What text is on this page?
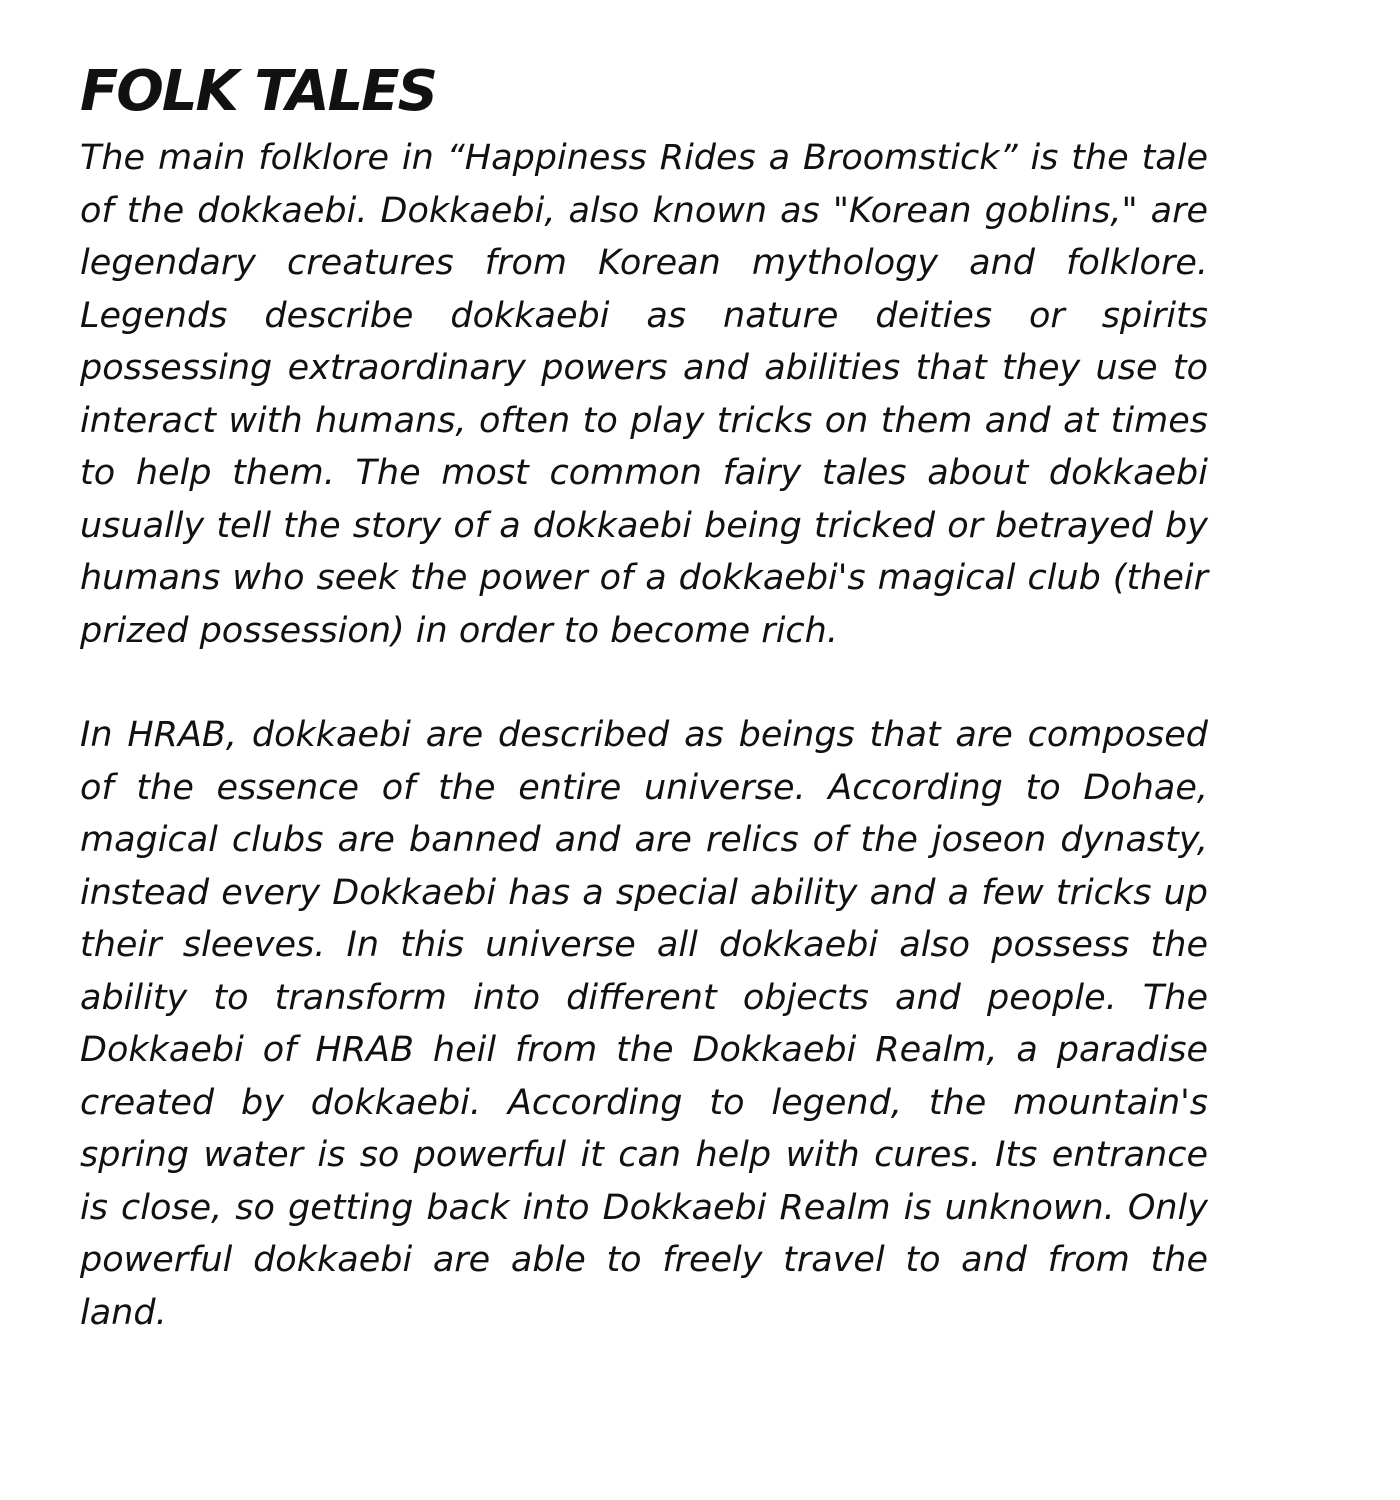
FOLK TALES

The main folklore in “Happiness Rides a Broomstick” is the tale of the dokkaebi. Dokkaebi, also known as "Korean goblins," are legendary creatures from Korean mythology and folklore. Legends describe dokkaebi as nature deities or spirits possessing extraordinary powers and abilities that they use to interact with humans, often to play tricks on them and at times to help them. The most common fairy tales about dokkaebi usually tell the story of a dokkaebi being tricked or betrayed by humans who seek the power of a dokkaebi's magical club (their prized possession) in order to become rich.

In HRAB, dokkaebi are described as beings that are composed of the essence of the entire universe. According to Dohae, magical clubs are banned and are relics of the joseon dynasty, instead every Dokkaebi has a special ability and a few tricks up their sleeves. In this universe all dokkaebi also possess the ability to transform into different objects and people. The Dokkaebi of HRAB heil from the Dokkaebi Realm, a paradise created by dokkaebi. According to legend, the mountain's spring water is so powerful it can help with cures. Its entrance is close, so getting back into Dokkaebi Realm is unknown. Only powerful dokkaebi are able to freely travel to and from the land.
